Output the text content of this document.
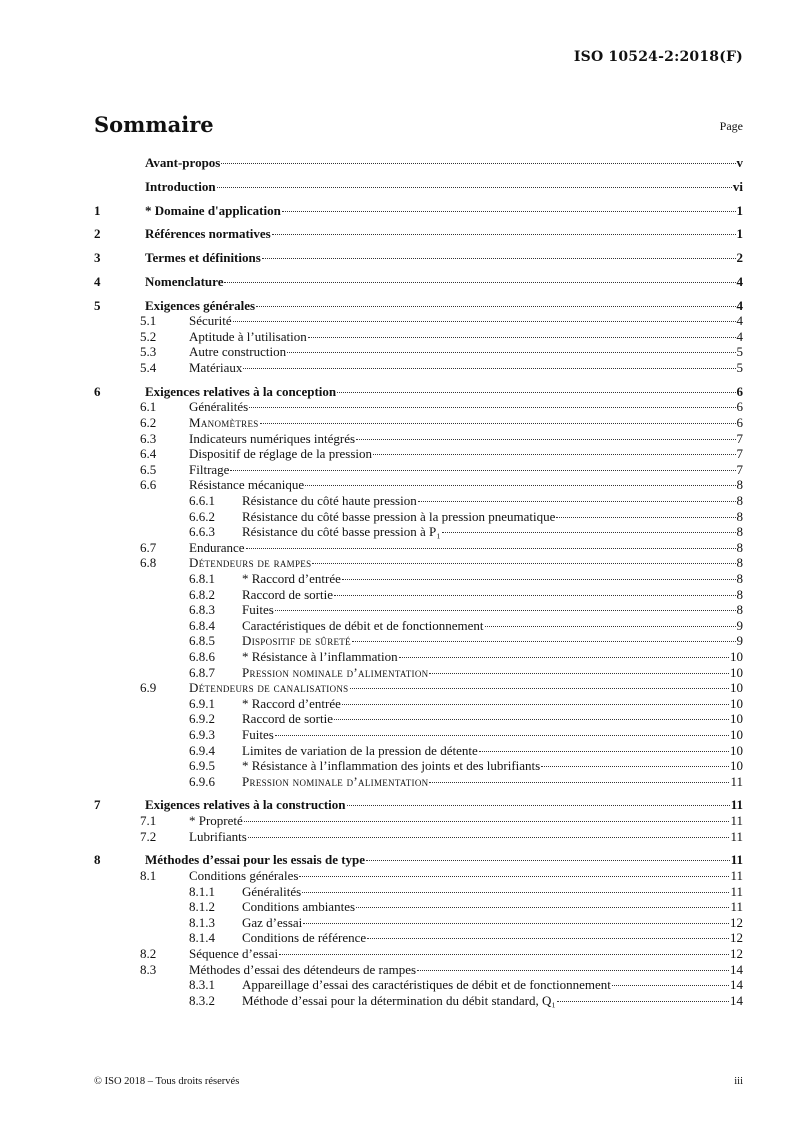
ISO 10524-2:2018(F)
Sommaire	Page
Avant-propos	v
Introduction	vi
1	* Domaine d'application	1
2	Références normatives	1
3	Termes et définitions	2
4	Nomenclature	4
5	Exigences générales	4
5.1	Sécurité	4
5.2	Aptitude à l’utilisation	4
5.3	Autre construction	5
5.4	Matériaux	5
6	Exigences relatives à la conception	6
6.1	Généralités	6
6.2	Manomètres	6
6.3	Indicateurs numériques intégrés	7
6.4	Dispositif de réglage de la pression	7
6.5	Filtrage	7
6.6	Résistance mécanique	8
6.6.1	Résistance du côté haute pression	8
6.6.2	Résistance du côté basse pression à la pression pneumatique	8
6.6.3	Résistance du côté basse pression à P₁	8
6.7	Endurance	8
6.8	Détendeurs de rampes	8
6.8.1	* Raccord d’entrée	8
6.8.2	Raccord de sortie	8
6.8.3	Fuites	8
6.8.4	Caractéristiques de débit et de fonctionnement	9
6.8.5	Dispositif de sûreté	9
6.8.6	* Résistance à l’inflammation	10
6.8.7	Pression nominale d’alimentation	10
6.9	Détendeurs de canalisations	10
6.9.1	* Raccord d’entrée	10
6.9.2	Raccord de sortie	10
6.9.3	Fuites	10
6.9.4	Limites de variation de la pression de détente	10
6.9.5	* Résistance à l’inflammation des joints et des lubrifiants	10
6.9.6	Pression nominale d’alimentation	11
7	Exigences relatives à la construction	11
7.1	* Propreté	11
7.2	Lubrifiants	11
8	Méthodes d’essai pour les essais de type	11
8.1	Conditions générales	11
8.1.1	Généralités	11
8.1.2	Conditions ambiantes	11
8.1.3	Gaz d’essai	12
8.1.4	Conditions de référence	12
8.2	Séquence d’essai	12
8.3	Méthodes d’essai des détendeurs de rampes	14
8.3.1	Appareillage d’essai des caractéristiques de débit et de fonctionnement	14
8.3.2	Méthode d’essai pour la détermination du débit standard, Q₁	14
© ISO 2018 – Tous droits réservés	iii
